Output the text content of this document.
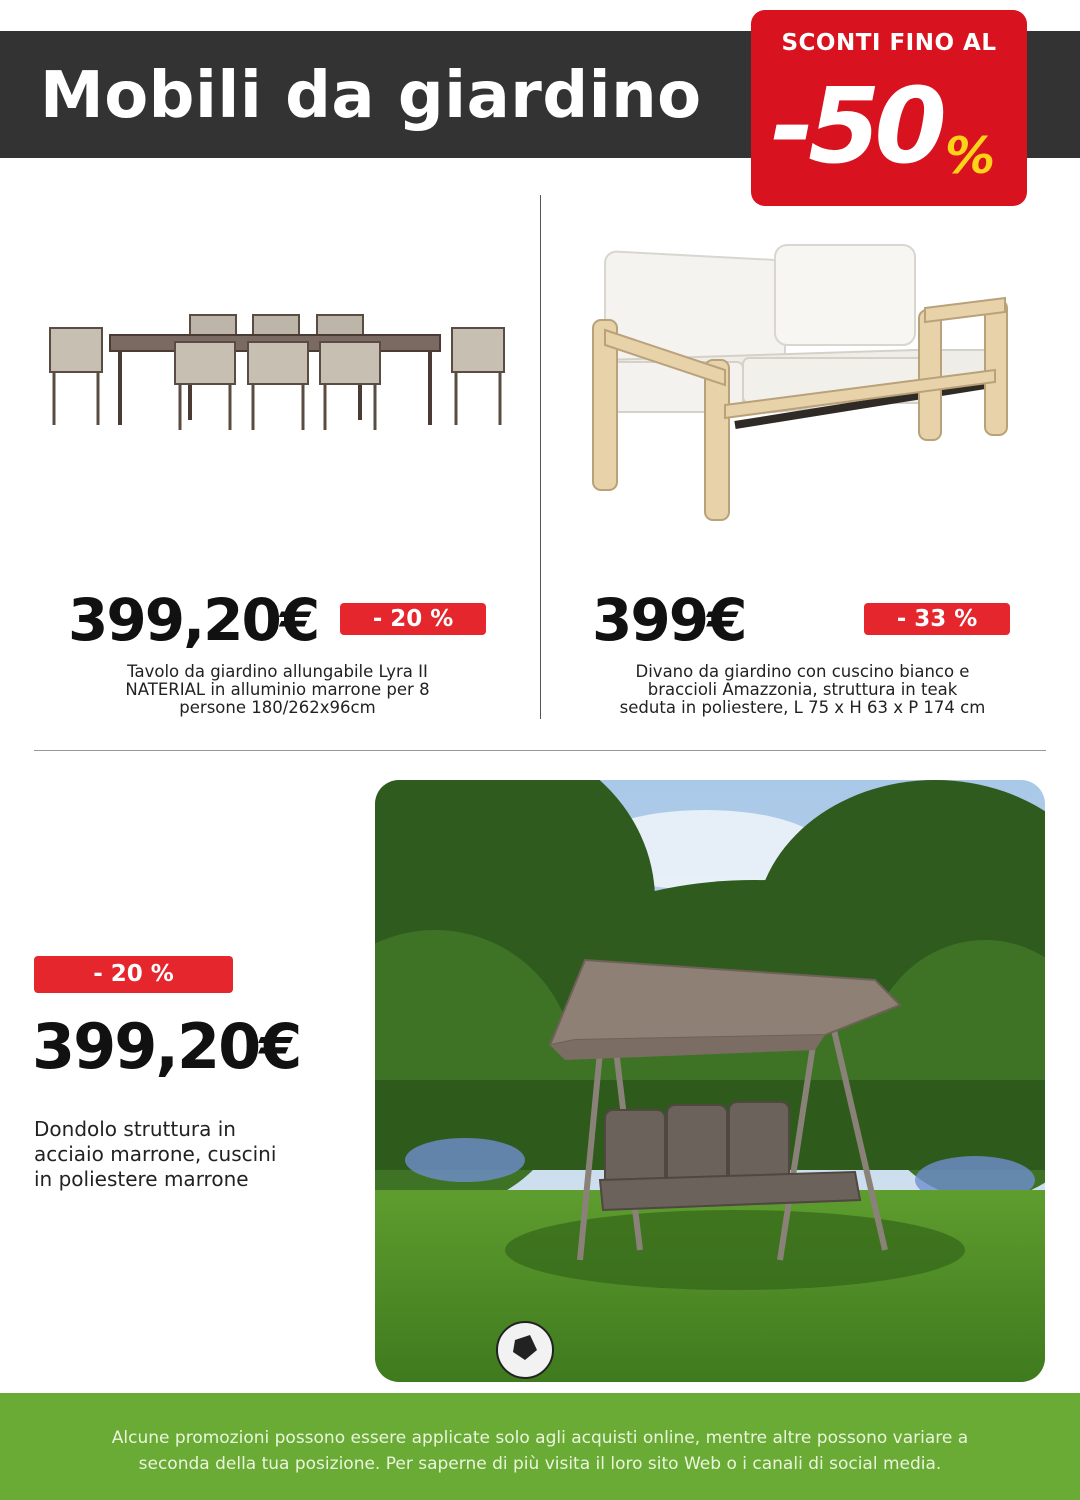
Mobili da giardino
SCONTI FINO AL
-50 %
399,20€	- 20 %
Tavolo da giardino allungabile Lyra II
NATERIAL in alluminio marrone per 8
persone 180/262x96cm
399€	- 33 %
Divano da giardino con cuscino bianco e
braccioli Amazzonia, struttura in teak
seduta in poliestere, L 75 x H 63 x P 174 cm
- 20 %
399,20€
Dondolo struttura in
acciaio marrone, cuscini
in poliestere marrone
Alcune promozioni possono essere applicate solo agli acquisti online, mentre altre possono variare a
seconda della tua posizione. Per saperne di più visita il loro sito Web o i canali di social media.
